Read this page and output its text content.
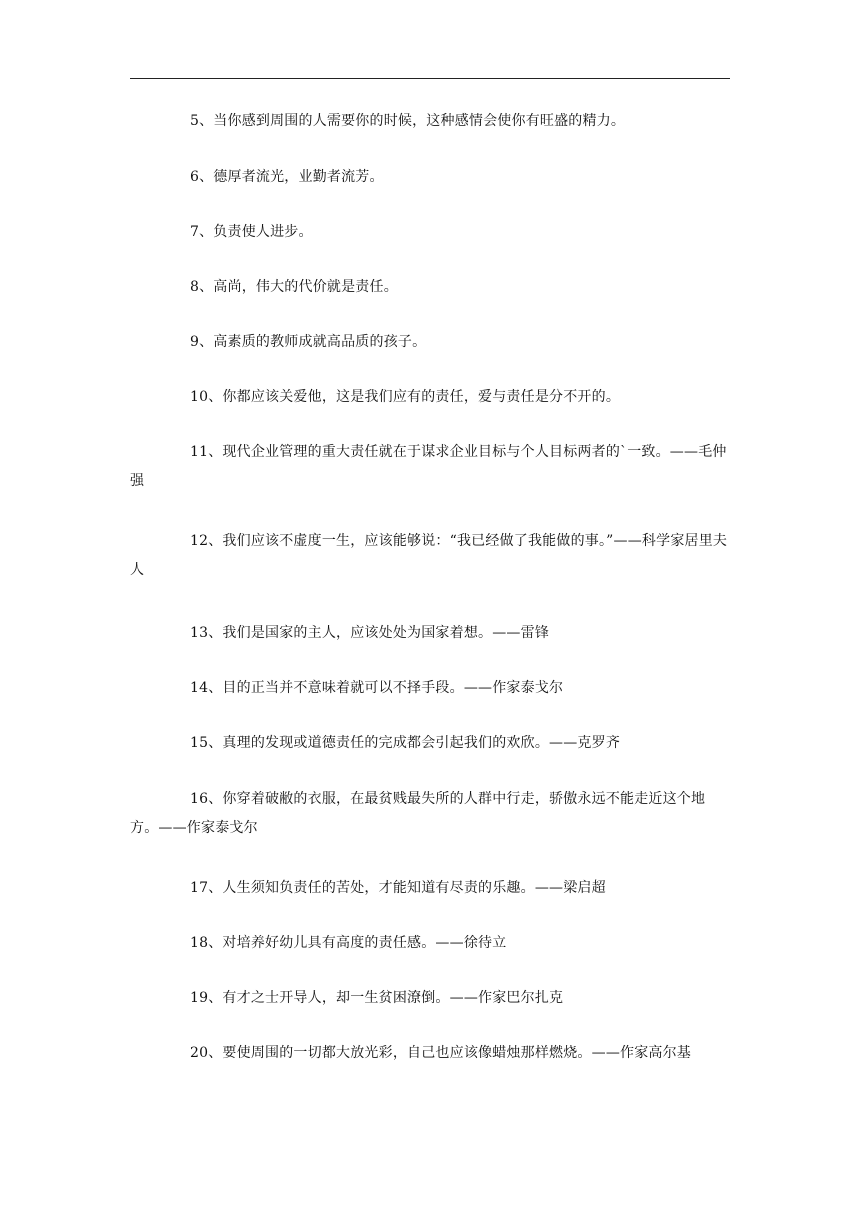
5、当你感到周围的人需要你的时候，这种感情会使你有旺盛的精力。

6、德厚者流光，业勤者流芳。

7、负责使人进步。

8、高尚，伟大的代价就是责任。

9、高素质的教师成就高品质的孩子。

10、你都应该关爱他，这是我们应有的责任，爱与责任是分不开的。

11、现代企业管理的重大责任就在于谋求企业目标与个人目标两者的`一致。——毛仲强

12、我们应该不虚度一生，应该能够说：“我已经做了我能做的事。”——科学家居里夫人

13、我们是国家的主人，应该处处为国家着想。——雷锋

14、目的正当并不意味着就可以不择手段。——作家泰戈尔

15、真理的发现或道德责任的完成都会引起我们的欢欣。——克罗齐

16、你穿着破敝的衣服，在最贫贱最失所的人群中行走，骄傲永远不能走近这个地方。——作家泰戈尔

17、人生须知负责任的苦处，才能知道有尽责的乐趣。——梁启超

18、对培养好幼儿具有高度的责任感。——徐待立

19、有才之士开导人，却一生贫困潦倒。——作家巴尔扎克

20、要使周围的一切都大放光彩，自己也应该像蜡烛那样燃烧。——作家高尔基
